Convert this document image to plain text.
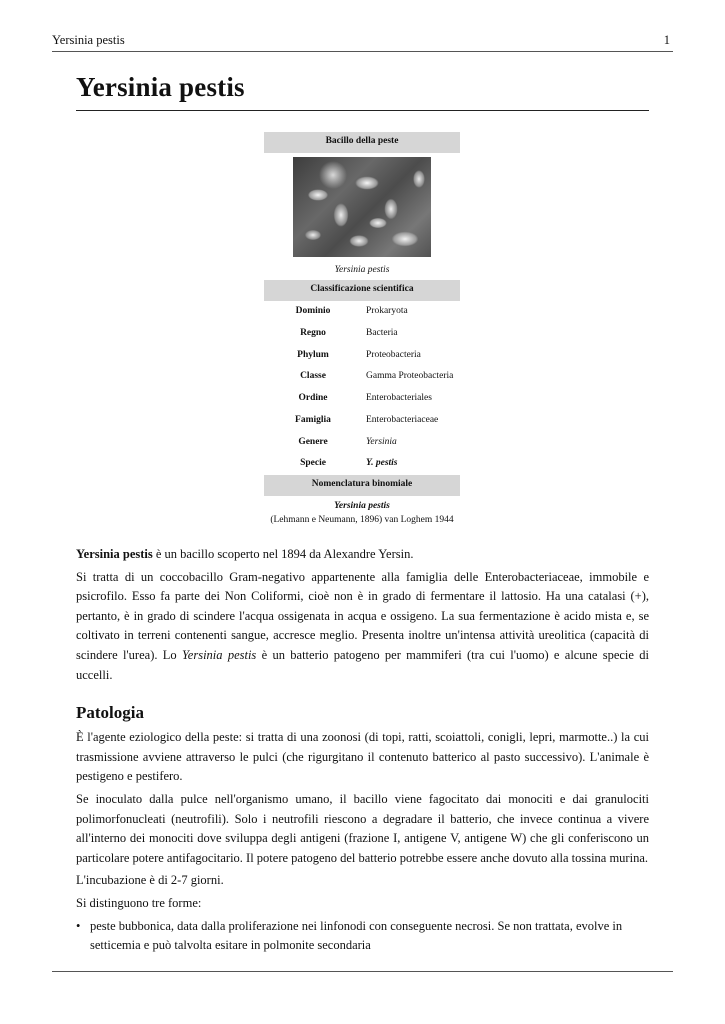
Yersinia pestis	1
Yersinia pestis
Bacillo della peste
Yersinia pestis
Classificazione scientifica
Dominio	Prokaryota
Regno	Bacteria
Phylum	Proteobacteria
Classe	Gamma Proteobacteria
Ordine	Enterobacteriales
Famiglia	Enterobacteriaceae
Genere	Yersinia
Specie	Y. pestis
Nomenclatura binomiale
Yersinia pestis
(Lehmann e Neumann, 1896) van Loghem 1944

Yersinia pestis è un bacillo scoperto nel 1894 da Alexandre Yersin.

Si tratta di un coccobacillo Gram-negativo appartenente alla famiglia delle Enterobacteriaceae, immobile e psicrofilo. Esso fa parte dei Non Coliformi, cioè non è in grado di fermentare il lattosio. Ha una catalasi (+), pertanto, è in grado di scindere l'acqua ossigenata in acqua e ossigeno. La sua fermentazione è acido mista e, se coltivato in terreni contenenti sangue, accresce meglio. Presenta inoltre un'intensa attività ureolitica (capacità di scindere l'urea). Lo Yersinia pestis è un batterio patogeno per mammiferi (tra cui l'uomo) e alcune specie di uccelli.

Patologia

È l'agente eziologico della peste: si tratta di una zoonosi (di topi, ratti, scoiattoli, conigli, lepri, marmotte..) la cui trasmissione avviene attraverso le pulci (che rigurgitano il contenuto batterico al pasto successivo). L'animale è pestigeno e pestifero.

Se inoculato dalla pulce nell'organismo umano, il bacillo viene fagocitato dai monociti e dai granulociti polimorfonucleati (neutrofili). Solo i neutrofili riescono a degradare il batterio, che invece continua a vivere all'interno dei monociti dove sviluppa degli antigeni (frazione I, antigene V, antigene W) che gli conferiscono un particolare potere antifagocitario. Il potere patogeno del batterio potrebbe essere anche dovuto alla tossina murina.

L'incubazione è di 2-7 giorni.

Si distinguono tre forme:

• peste bubbonica, data dalla proliferazione nei linfonodi con conseguente necrosi. Se non trattata, evolve in setticemia e può talvolta esitare in polmonite secondaria
